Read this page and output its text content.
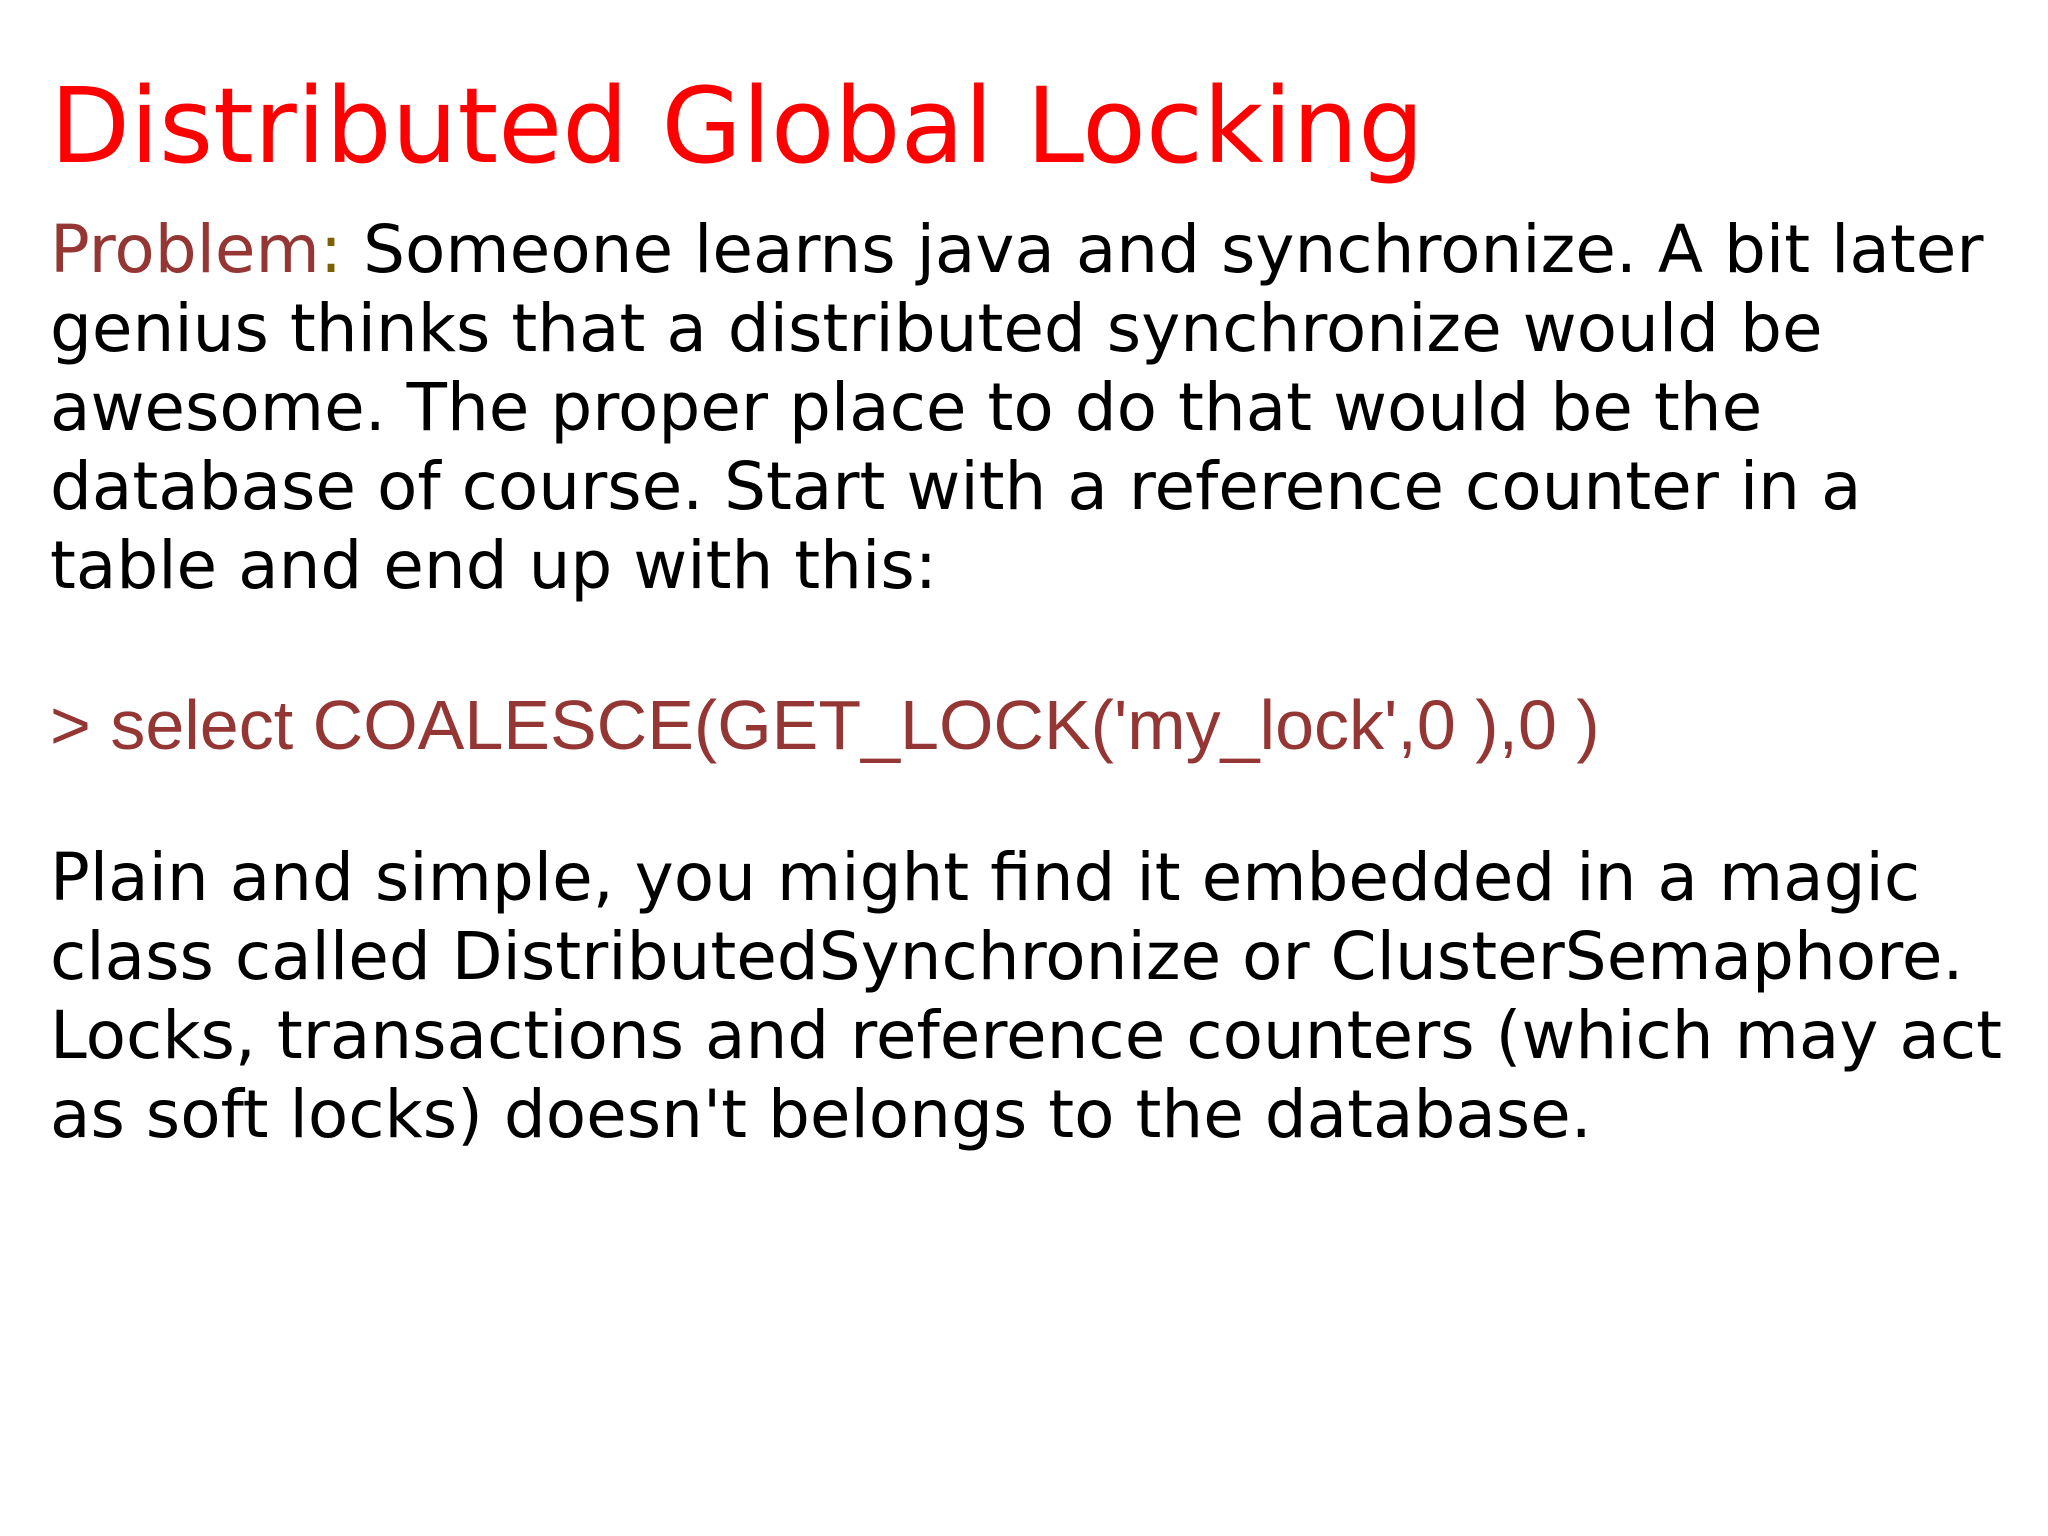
Distributed Global Locking

Problem: Someone learns java and synchronize. A bit later genius thinks that a distributed synchronize would be awesome. The proper place to do that would be the database of course. Start with a reference counter in a table and end up with this:

> select COALESCE(GET_LOCK('my_lock',0 ),0 )

Plain and simple, you might find it embedded in a magic class called DistributedSynchronize or ClusterSemaphore. Locks, transactions and reference counters (which may act as soft locks) doesn't belongs to the database.
